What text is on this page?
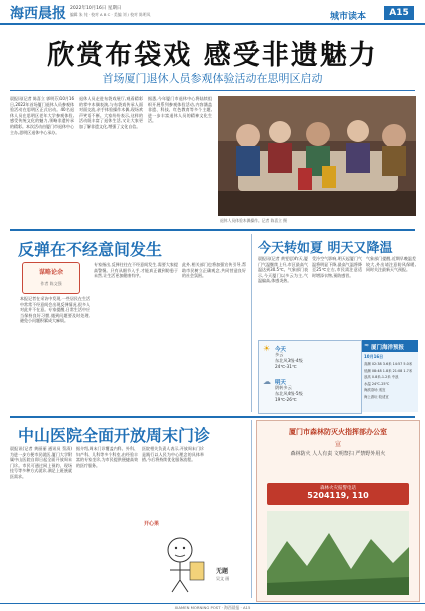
海西晨报 2022年10月16日 星期日
编辑 朱 纯 · 校对 A B C · 美编 刘 / 校对 陈明凤	城市读本	A15
欣赏布袋戏 感受非遗魅力
首场厦门退休人员参观体验活动在思明区启动
晨报讯(记者 陈喜立 郭明芬)10月16日,2022年首场厦门退休人员参观体验活动在思明区正式启动。40名退休人员在思明区老年大学参观体验,感受传统文化的魅力,领略非遗传承的精彩。本次活动由厦门市退休中心主办,思明区退休中心承办。
退休人员走进布袋戏展厅,观看精彩的掌中木偶表演,与布袋戏传承人面对面交流,亲手体验操作木偶,现场欢声笑语不断。大家纷纷表示,这样的活动既丰富了退休生活,又让大家更加了解非遗文化,增强了文化自信。
据悉,今年厦门市退休中心将陆续组织开展系列参观体验活动,内容涵盖非遗、科技、红色教育等多个主题,进一步丰富退休人员的精神文化生活。
退休人员体验木偶操作。记者 陈喜立 摄
反弹在不经意间发生
谋略论余
作者 陈文强
本报记者在采访中发现,一些居民在生活中常常不经意间会出现反弹情况,很多人对此并不在意。专家提醒,日常生活中应当保持良好习惯,遇到问题要及时处理,避免小问题积累成大麻烦。
专家指出,反弹往往在不经意间发生,需要大家提高警惕。只有从细节入手,才能真正做到防患于未然,让生活更加健康有序。
此外,相关部门也将加强宣传引导,帮助市民树立正确观念,共同营造良好的社会氛围。
今天转如夏 明天又降温
晨报讯(记者 黄雯思)昨天,厦门气温继续上升,市区最高气温达到30.5℃。气象部门表示,今天厦门以多云为主,气温偏高,体感炎热。
受冷空气影响,明天起厦门气温将明显下降,最高气温将降至25℃左右,市民需注意适时增添衣物,预防感冒。
气象部门提醒,近期早晚温差较大,外出请注意防风保暖,同时关注最新天气预报。
☀ 今天
多云
东北风3级-4级
24℃-31℃
☁ 明天
阴转多云
东北风4级-5级
19℃-26℃
≈ 厦门海洋预报
10月16日
高潮 02:38 3.6米 14:57 5.0米
低潮 08:48 1.8米 21:08 1.7米
浪高 0.8米-1.2米 中浪
水温 24℃-25℃
海滨浴场 适宜
海上游玩 较适宜
中山医院全面开放周末门诊
晨报讯(记者 黄丽丽 通讯员 蔡清)为进一步方便市民就医,厦门大学附属中山医院自即日起全面开放周末门诊。市民可通过网上预约、现场挂号等多种方式就诊,满足上班族就医需求。
据介绍,周末门诊覆盖内科、外科、妇产科、儿科等多个科室,由经验丰富的专家坐诊,为市民提供便捷高效的医疗服务。
医院相关负责人表示,开放周末门诊是践行以人民为中心理念的具体举措,今后将持续优化服务流程。
开心果
无题
吴文 画
厦门市森林防灭火指挥部办公室
宣
森林防火 人人有责 文明祭扫 严禁野外用火
森林火灾报警电话
5204119, 110
XIAMEN MORNING POST · 海西晨报 · A15
